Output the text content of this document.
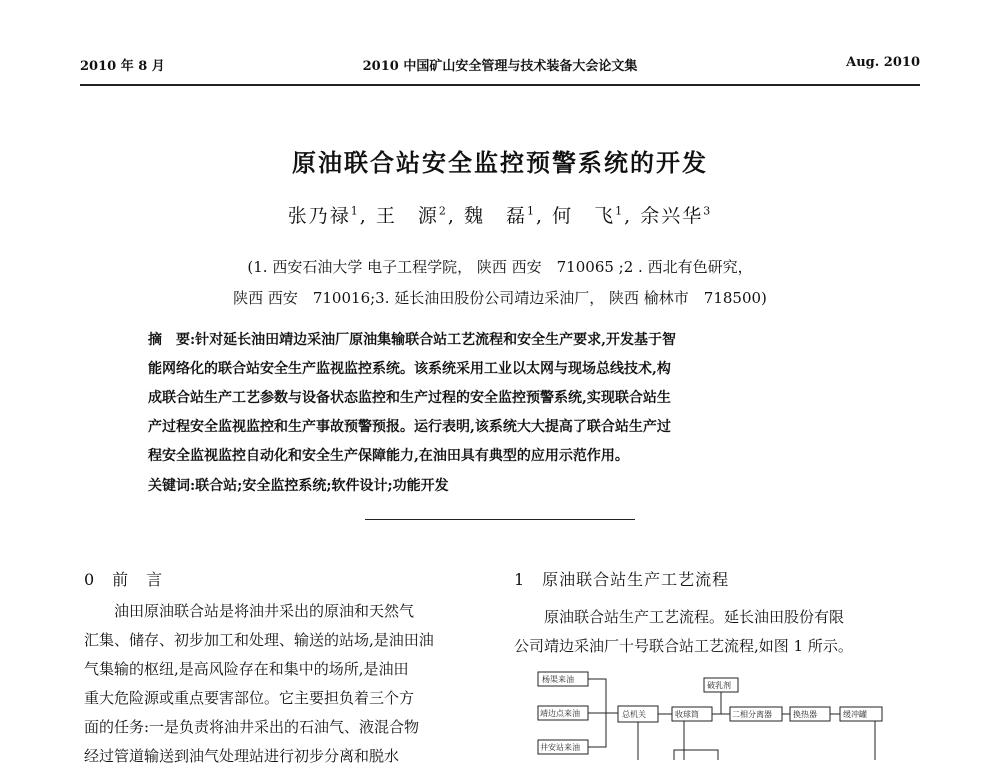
2010 年 8 月	2010 中国矿山安全管理与技术装备大会论文集	Aug. 2010
原油联合站安全监控预警系统的开发
张乃禄$^1$, 王　源$^2$, 魏　磊$^1$, 何　飞$^1$, 余兴华$^3$
(1. 西安石油大学 电子工程学院， 陕西 西安　710065 ;2 . 西北有色研究，
陕西 西安　710016;3. 延长油田股份公司靖边采油厂， 陕西 榆林市　718500)

摘　要:针对延长油田靖边采油厂原油集输联合站工艺流程和安全生产要求,开发基于智

能网络化的联合站安全生产监视监控系统。该系统采用工业以太网与现场总线技术,构

成联合站生产工艺参数与设备状态监控和生产过程的安全监控预警系统,实现联合站生

产过程安全监视监控和生产事故预警预报。运行表明,该系统大大提高了联合站生产过

程安全监视监控自动化和安全生产保障能力,在油田具有典型的应用示范作用。

关键词:联合站;安全监控系统;软件设计;功能开发
0　前　言

油田原油联合站是将油井采出的原油和天然气

汇集、储存、初步加工和处理、输送的站场,是油田油

气集输的枢纽,是高风险存在和集中的场所,是油田

重大危险源或重点要害部位。它主要担负着三个方

面的任务:一是负责将油井采出的石油气、液混合物

经过管道输送到油气处理站进行初步分离和脱水

1　原油联合站生产工艺流程

原油联合站生产工艺流程。延长油田股份有限

公司靖边采油厂十号联合站工艺流程,如图 1 所示。

杨渠来油
靖边点来油
井安站来油
破乳剂
总机关	收球筒	二相分离器	换热器	缓冲罐
